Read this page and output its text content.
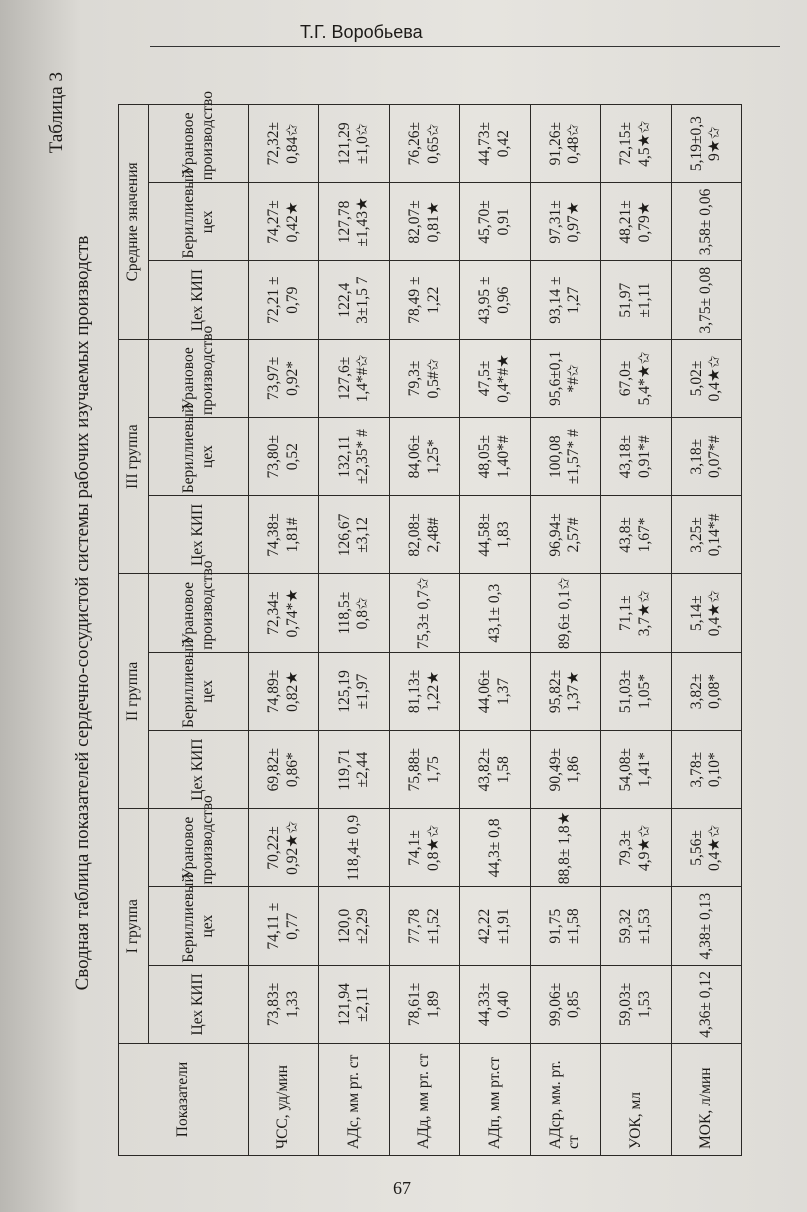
Т.Г. Воробьева
Таблица 3
Сводная таблица показателей сердечно-сосудистой системы рабочих изучаемых производств
Показатели	I группа			II группа			III группа			Средние значения		
	Цех КИП	Бериллиевый цех	Урановое производство	Цех КИП	Бериллиевый цех	Урановое производство	Цех КИП	Бериллиевый цех	Урановое производство	Цех КИП	Бериллиевый цех	Урановое производство
ЧСС, уд/мин	73,83± 1,33	74,11 ± 0,77	70,22± 0,92★✩	69,82± 0,86*	74,89± 0,82★	72,34± 0,74*★	74,38± 1,81#	73,80± 0,52	73,97± 0,92*	72,21 ± 0,79	74,27± 0,42★	72,32± 0,84✩
АДс, мм рт. ст	121,94 ±2,11	120,0 ±2,29	118,4± 0,9	119,71 ±2,44	125,19 ±1,97	118,5± 0,8✩	126,67 ±3,12	132,11 ±2,35* #	127,6± 1,4*#✩	122,4 3±1,5 7	127,78 ±1,43★	121,29 ±1,0✩
АДд, мм рт. ст	78,61± 1,89	77,78 ±1,52	74,1± 0,8★✩	75,88± 1,75	81,13± 1,22★	75,3± 0,7✩	82,08± 2,48#	84,06± 1,25*	79,3± 0,5#✩	78,49 ± 1,22	82,07± 0,81★	76,26± 0,65✩
АДп, мм рт.ст	44,33± 0,40	42,22 ±1,91	44,3± 0,8	43,82± 1,58	44,06± 1,37	43,1± 0,3	44,58± 1,83	48,05± 1,40*#	47,5± 0,4*#★	43,95 ± 0,96	45,70± 0,91	44,73± 0,42
АДср, мм. рт. ст	99,06± 0,85	91,75 ±1,58	88,8± 1,8★	90,49± 1,86	95,82± 1,37★	89,6± 0,1✩	96,94± 2,57#	100,08 ±1,57* #	95,6±0,1 *#✩	93,14 ± 1,27	97,31± 0,97★	91,26± 0,48✩
УОК, мл	59,03± 1,53	59,32 ±1,53	79,3± 4,9★✩	54,08± 1,41*	51,03± 1,05*	71,1± 3,7★✩	43,8± 1,67*	43,18± 0,91*#	67,0± 5,4*★✩	51,97 ±1,11	48,21± 0,79★	72,15± 4,5★✩
МОК, л/мин	4,36± 0,12	4,38± 0,13	5,56± 0,4★✩	3,78± 0,10*	3,82± 0,08*	5,14± 0,4★✩	3,25± 0,14*#	3,18± 0,07*#	5,02± 0,4★✩	3,75± 0,08	3,58± 0,06	5,19±0,3 9★✩
67
